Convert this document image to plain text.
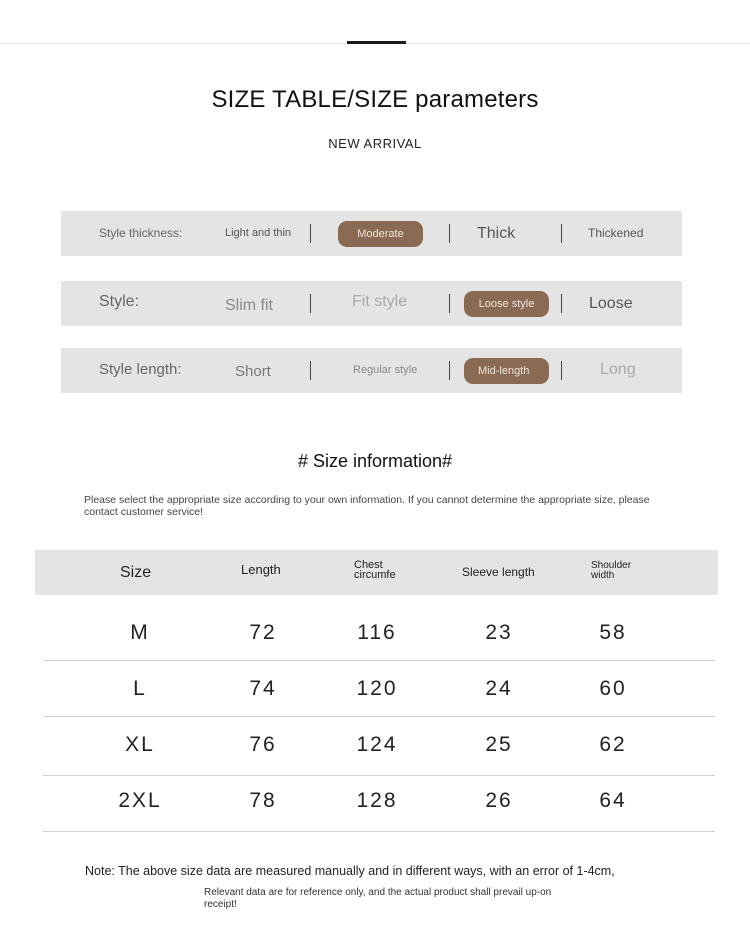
SIZE TABLE/SIZE parameters
NEW ARRIVAL
Style thickness:	Light and thin	Moderate	Thick	Thickened
Style:	Slim fit	Fit style	Loose style	Loose
Style length:	Short	Regular style	Mid-length	Long
# Size information#
Please select the appropriate size according to your own information. If you cannot determine the appropriate size, please contact customer service!
Size	Length	Chest circumfe	Sleeve length	Shoulder width
M	72	116	23	58
L	74	120	24	60
XL	76	124	25	62
2XL	78	128	26	64
Note: The above size data are measured manually and in different ways, with an error of 1-4cm,
Relevant data are for reference only, and the actual product shall prevail up-on receipt!
